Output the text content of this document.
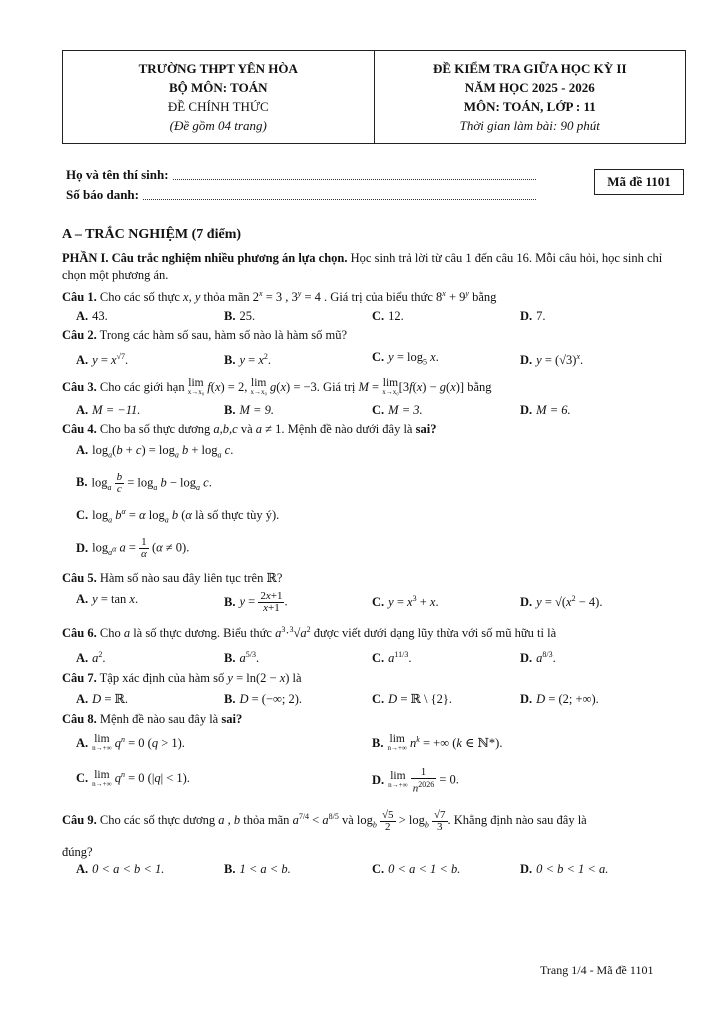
TRƯỜNG THPT YÊN HÒA
BỘ MÔN: TOÁN
ĐỀ CHÍNH THỨC
(Đề gồm 04 trang)
ĐỀ KIỂM TRA GIỮA HỌC KỲ II
NĂM HỌC 2025 - 2026
MÔN: TOÁN, LỚP : 11
Thời gian làm bài: 90 phút
Họ và tên thí sinh:
Số báo danh:
Mã đề 1101
A – TRẮC NGHIỆM (7 điểm)
PHẦN I. Câu trắc nghiệm nhiều phương án lựa chọn. Học sinh trả lời từ câu 1 đến câu 16. Mỗi câu hỏi, học sinh chỉ chọn một phương án.
Câu 1. Cho các số thực x, y thỏa mãn $2^x = 3$ , $3^y = 4$ . Giá trị của biểu thức $8^x + 9^y$ bằng
A. 43.	B. 25.	C. 12.	D. 7.
Câu 2. Trong các hàm số sau, hàm số nào là hàm số mũ?
A. $y = x^{√7}$.	B. $y = x^2$.	C. $y = \log_5 x$.	D. $y = (√3)^x$.
Câu 3. Cho các giới hạn lim
x→x₀ f(x) = 2, lim
x→x₀ g(x) = −3. Giá trị M = lim
x→x₀ [3f(x) − g(x)] bằng
A. M = −11.	B. M = 9.	C. M = 3.	D. M = 6.
Câu 4. Cho ba số thực dương a,b,c và a ≠ 1. Mệnh đề nào dưới đây là sai?
A. $\log_a(b + c) = \log_a b + \log_a c$.
B. $\log_a \frac{b}{c} = \log_a b - \log_a c$.
C. $\log_a b^\alpha = \alpha$ $\log_a b$ (α là số thực tùy ý).
D. $\log_{a^\alpha} a = \frac{1}{\alpha} (\alpha \ne 0)$.
Câu 5. Hàm số nào sau đây liên tục trên ℝ?
A. y = tan x.	B. $y = \frac{2x+1}{x+1}$ .	C. $y = x^3 + x$.	D. $y = √(x^2 - 4)$.
Câu 6. Cho a là số thực dương. Biểu thức $a^3\cdot^3√a^2$ được viết dưới dạng lũy thừa với số mũ hữu tỉ là
A. $a^2$.	B. $a^{5/3}$.	C. $a^{11/3}$.	D. $a^{8/3}$.
Câu 7. Tập xác định của hàm số y = ln(2 − x) là
A. D = ℝ.	B. D = (−∞; 2).	C. D = ℝ \ {2}.	D. D = (2; +∞).
Câu 8. Mệnh đề nào sau đây là sai?
A. lim
n→+∞ $q^n = 0$ (q > 1).	B. lim
n→+∞ $n^k$ = +∞ (k ∈ ℕ*).
C. lim
n→+∞ $q^n = 0$ (|q| < 1).	D. lim
n→+∞
$\frac{1}{n^{2026}} = 0$.
Câu 9. Cho các số thực dương a , b thỏa mãn $a^{7/4} < a^{8/5}$ và $\log_b \frac{√5}{2} > \log_b \frac{√7}{3}$ . Khẳng định nào sau đây là
đúng?
A. 0 < a < b < 1.	B. 1 < a < b.	C. 0 < a < 1 < b.	D. 0 < b < 1 < a.
Trang 1/4 - Mã đề 1101
